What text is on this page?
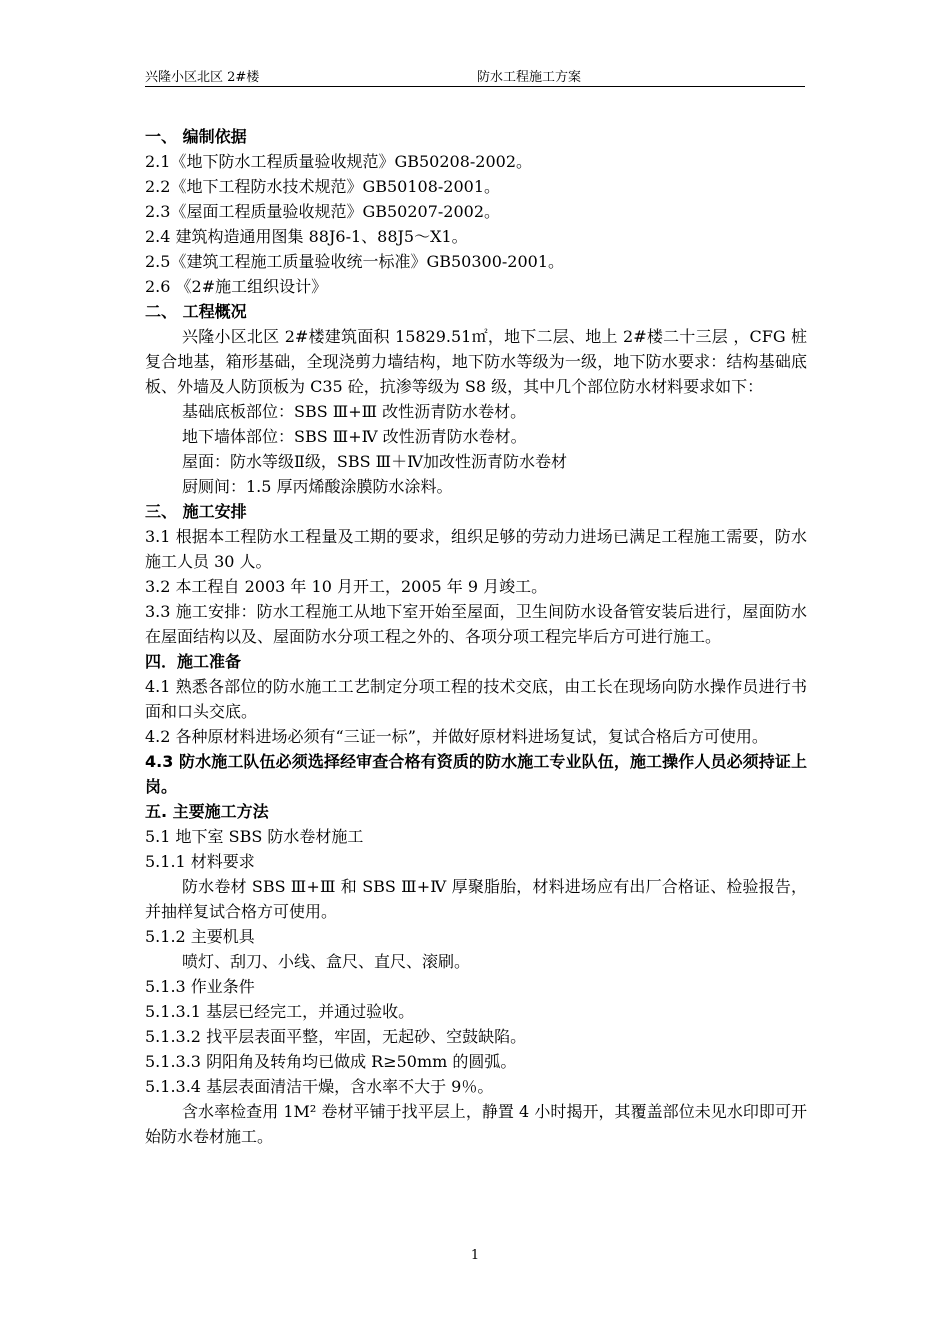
兴隆小区北区 2#楼	防水工程施工方案
一、 编制依据
2.1《地下防水工程质量验收规范》GB50208-2002。
2.2《地下工程防水技术规范》GB50108-2001。
2.3《屋面工程质量验收规范》GB50207-2002。
2.4 建筑构造通用图集 88J6-1、88J5～X1。
2.5《建筑工程施工质量验收统一标准》GB50300-2001。
2.6 《2#施工组织设计》
二、 工程概况
兴隆小区北区 2#楼建筑面积 15829.51㎡，地下二层、地上 2#楼二十三层 ，CFG 桩复合地基，箱形基础，全现浇剪力墙结构，地下防水等级为一级，地下防水要求：结构基础底板、外墙及人防顶板为 C35 砼，抗渗等级为 S8 级，其中几个部位防水材料要求如下：
基础底板部位：SBS Ⅲ+Ⅲ 改性沥青防水卷材。
地下墙体部位：SBS Ⅲ+Ⅳ 改性沥青防水卷材。
屋面：防水等级Ⅱ级，SBS Ⅲ＋Ⅳ加改性沥青防水卷材
厨厕间：1.5 厚丙烯酸涂膜防水涂料。
三、 施工安排
3.1 根据本工程防水工程量及工期的要求，组织足够的劳动力进场已满足工程施工需要，防水施工人员 30 人。
3.2 本工程自 2003 年 10 月开工，2005 年 9 月竣工。
3.3 施工安排：防水工程施工从地下室开始至屋面，卫生间防水设备管安装后进行，屋面防水在屋面结构以及、屋面防水分项工程之外的、各项分项工程完毕后方可进行施工。
四．施工准备
4.1 熟悉各部位的防水施工工艺制定分项工程的技术交底，由工长在现场向防水操作员进行书面和口头交底。
4.2 各种原材料进场必须有“三证一标”，并做好原材料进场复试，复试合格后方可使用。
4.3 防水施工队伍必须选择经审查合格有资质的防水施工专业队伍，施工操作人员必须持证上岗。
五. 主要施工方法
5.1 地下室 SBS 防水卷材施工
5.1.1 材料要求
防水卷材 SBS Ⅲ+Ⅲ 和 SBS Ⅲ+Ⅳ 厚聚脂胎，材料进场应有出厂合格证、检验报告，并抽样复试合格方可使用。
5.1.2 主要机具
喷灯、刮刀、小线、盒尺、直尺、滚刷。
5.1.3 作业条件
5.1.3.1 基层已经完工，并通过验收。
5.1.3.2 找平层表面平整，牢固，无起砂、空鼓缺陷。
5.1.3.3 阴阳角及转角均已做成 R≥50mm 的圆弧。
5.1.3.4 基层表面清洁干燥，含水率不大于 9％。
含水率检查用 1M² 卷材平铺于找平层上，静置 4 小时揭开，其覆盖部位未见水印即可开始防水卷材施工。
1
